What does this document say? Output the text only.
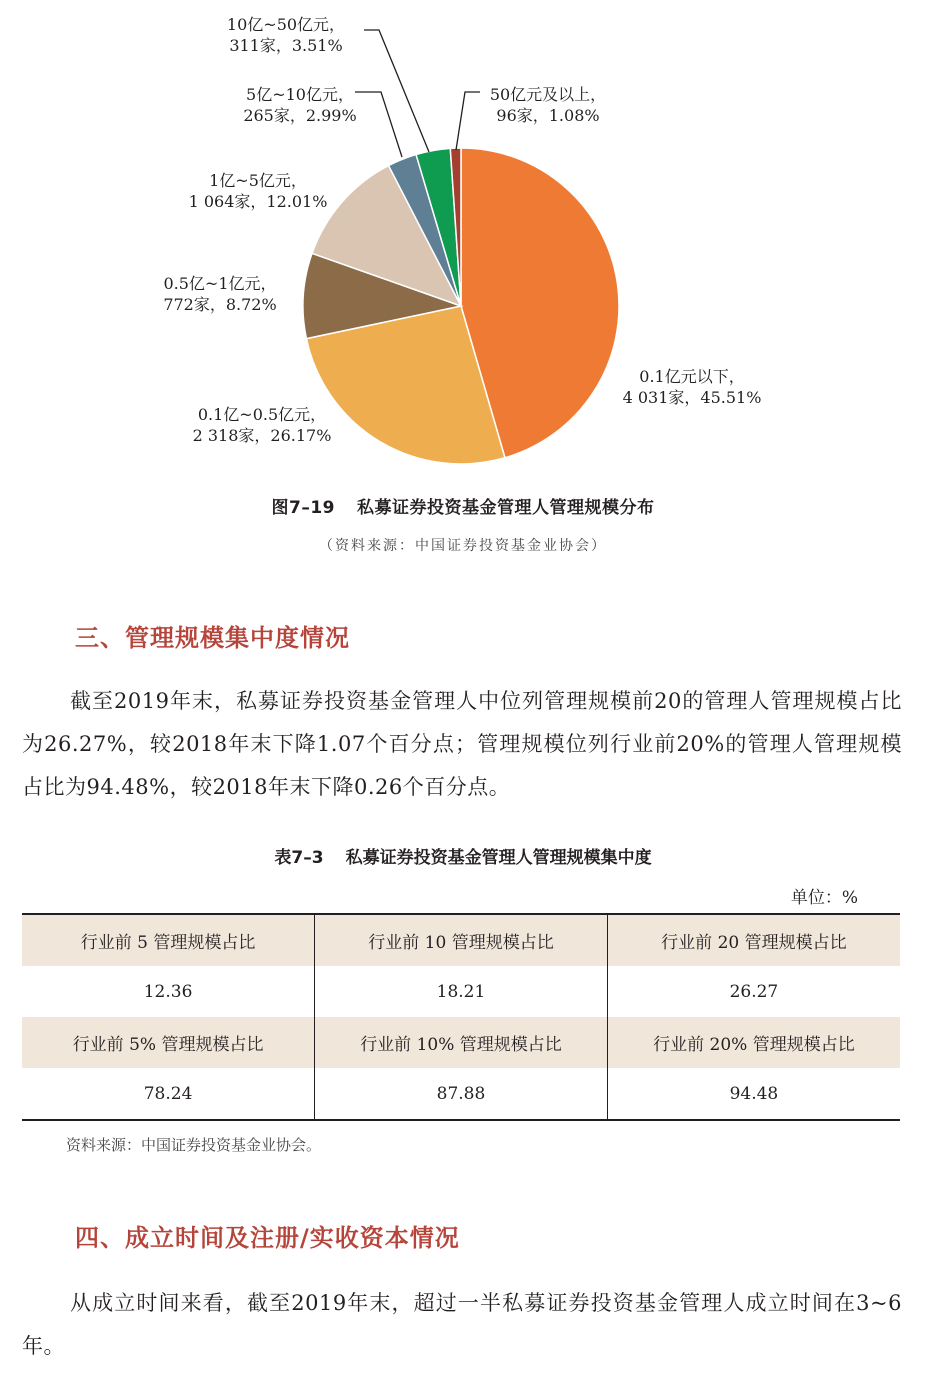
0.1亿元以下，
4 031家，45.51%
0.1亿~0.5亿元，
2 318家，26.17%
0.5亿~1亿元，
772家，8.72%
1亿~5亿元，
1 064家，12.01%
5亿~10亿元，
265家，2.99%
10亿~50亿元，
311家，3.51%
50亿元及以上，
96家，1.08%
图7–19 私募证券投资基金管理人管理规模分布
（资料来源：中国证券投资基金业协会）
三、管理规模集中度情况
截至2019年末，私募证券投资基金管理人中位列管理规模前20的管理人管理规模占比为26.27%，较2018年末下降1.07个百分点；管理规模位列行业前20%的管理人管理规模占比为94.48%，较2018年末下降0.26个百分点。
表7–3 私募证券投资基金管理人管理规模集中度
单位：%
行业前 5 管理规模占比	行业前 10 管理规模占比	行业前 20 管理规模占比
12.36	18.21	26.27
行业前 5% 管理规模占比	行业前 10% 管理规模占比	行业前 20% 管理规模占比
78.24	87.88	94.48
资料来源：中国证券投资基金业协会。
四、成立时间及注册/实收资本情况
从成立时间来看，截至2019年末，超过一半私募证券投资基金管理人成立时间在3~6年。
